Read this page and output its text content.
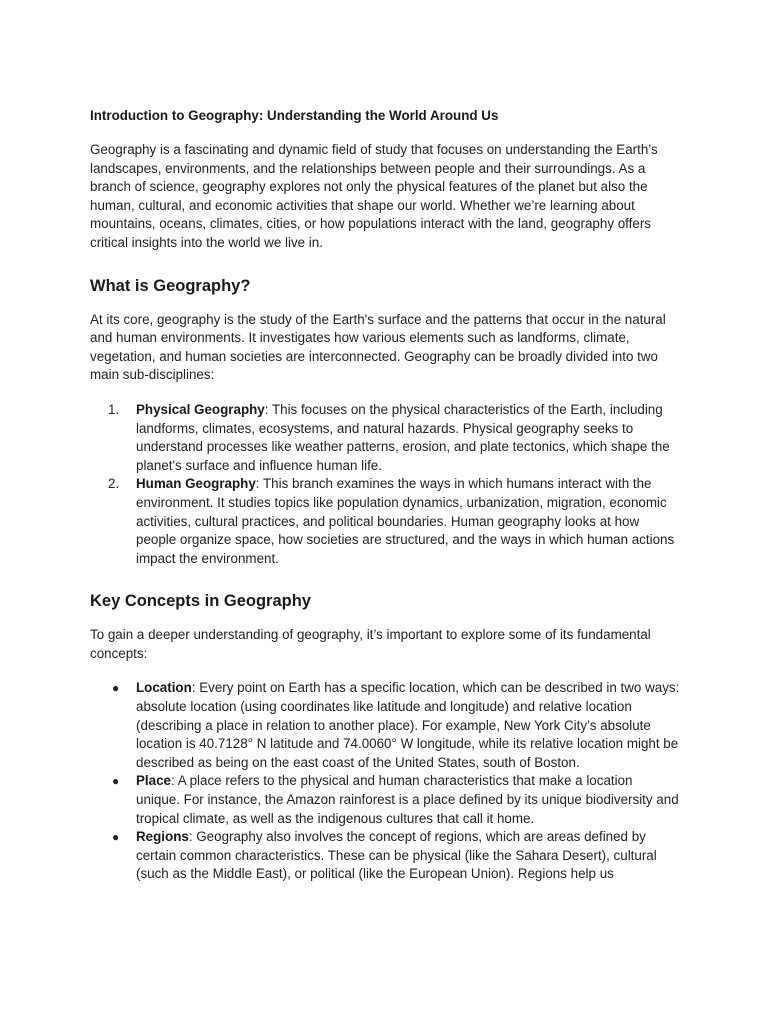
Introduction to Geography: Understanding the World Around Us

Geography is a fascinating and dynamic field of study that focuses on understanding the Earth’s landscapes, environments, and the relationships between people and their surroundings. As a branch of science, geography explores not only the physical features of the planet but also the human, cultural, and economic activities that shape our world. Whether we’re learning about mountains, oceans, climates, cities, or how populations interact with the land, geography offers critical insights into the world we live in.

What is Geography?

At its core, geography is the study of the Earth's surface and the patterns that occur in the natural and human environments. It investigates how various elements such as landforms, climate, vegetation, and human societies are interconnected. Geography can be broadly divided into two main sub-disciplines:

1.	Physical Geography: This focuses on the physical characteristics of the Earth, including landforms, climates, ecosystems, and natural hazards. Physical geography seeks to understand processes like weather patterns, erosion, and plate tectonics, which shape the planet's surface and influence human life.
2.	Human Geography: This branch examines the ways in which humans interact with the environment. It studies topics like population dynamics, urbanization, migration, economic activities, cultural practices, and political boundaries. Human geography looks at how people organize space, how societies are structured, and the ways in which human actions impact the environment.
Key Concepts in Geography

To gain a deeper understanding of geography, it’s important to explore some of its fundamental concepts:

●	Location: Every point on Earth has a specific location, which can be described in two ways: absolute location (using coordinates like latitude and longitude) and relative location (describing a place in relation to another place). For example, New York City’s absolute location is 40.7128° N latitude and 74.0060° W longitude, while its relative location might be described as being on the east coast of the United States, south of Boston.
●	Place: A place refers to the physical and human characteristics that make a location unique. For instance, the Amazon rainforest is a place defined by its unique biodiversity and tropical climate, as well as the indigenous cultures that call it home.
●	Regions: Geography also involves the concept of regions, which are areas defined by certain common characteristics. These can be physical (like the Sahara Desert), cultural (such as the Middle East), or political (like the European Union). Regions help us
